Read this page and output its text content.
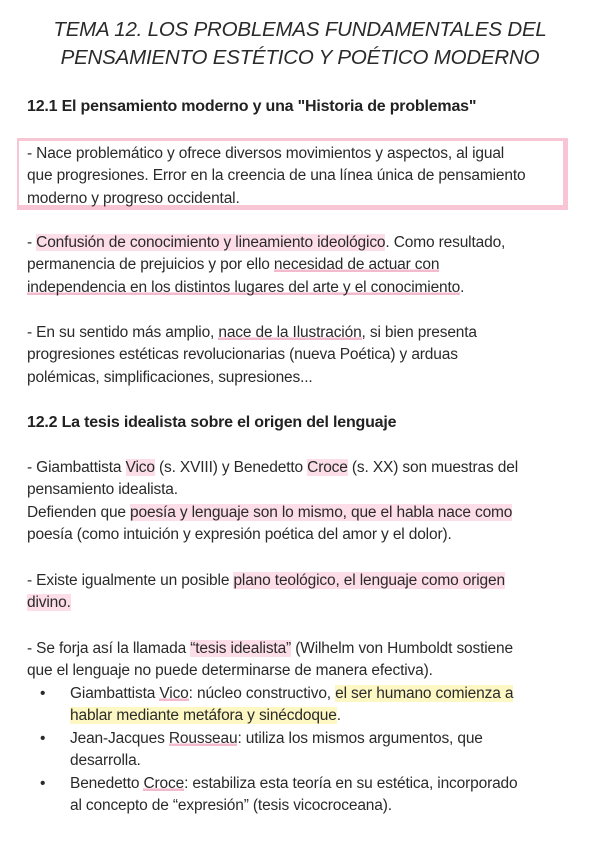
TEMA 12. LOS PROBLEMAS FUNDAMENTALES DEL
PENSAMIENTO ESTÉTICO Y POÉTICO MODERNO
12.1 El pensamiento moderno y una "Historia de problemas"
- Nace problemático y ofrece diversos movimientos y aspectos, al igual
que progresiones. Error en la creencia de una línea única de pensamiento
moderno y progreso occidental.
- Confusión de conocimiento y lineamiento ideológico. Como resultado,
permanencia de prejuicios y por ello necesidad de actuar con
independencia en los distintos lugares del arte y el conocimiento.
- En su sentido más amplio, nace de la Ilustración, si bien presenta
progresiones estéticas revolucionarias (nueva Poética) y arduas
polémicas, simplificaciones, supresiones...
12.2 La tesis idealista sobre el origen del lenguaje
- Giambattista Vico (s. XVIII) y Benedetto Croce (s. XX) son muestras del
pensamiento idealista.
Defienden que poesía y lenguaje son lo mismo, que el habla nace como
poesía (como intuición y expresión poética del amor y el dolor).
- Existe igualmente un posible plano teológico, el lenguaje como origen
divino.
- Se forja así la llamada “tesis idealista” (Wilhelm von Humboldt sostiene
que el lenguaje no puede determinarse de manera efectiva).
• Giambattista Vico: núcleo constructivo, el ser humano comienza a
hablar mediante metáfora y sinécdoque.
• Jean-Jacques Rousseau: utiliza los mismos argumentos, que
desarrolla.
• Benedetto Croce: estabiliza esta teoría en su estética, incorporado
al concepto de “expresión” (tesis vicocroceana).
